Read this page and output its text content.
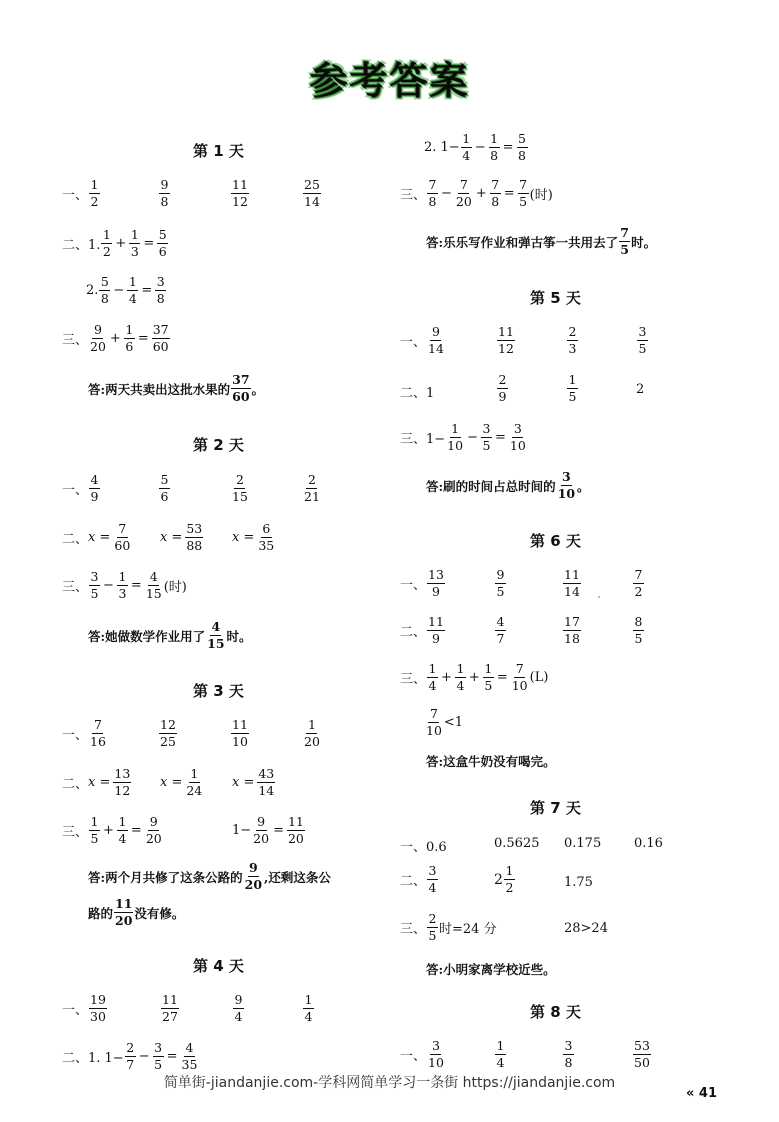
参考答案
第 1 天
一、 $\frac{1}{2}$	$\frac{9}{8}$	$\frac{11}{12}$	$\frac{25}{14}$
二、1. $\frac{1}{2} + \frac{1}{3} = \frac{5}{6}$
2. $\frac{5}{8} - \frac{1}{4} = \frac{3}{8}$
三、 $\frac{9}{20} + \frac{1}{6} = \frac{37}{60}$
答:两天共卖出这批水果的 $\frac{37}{60}$ 。
第 2 天
一、 $\frac{4}{9}$	$\frac{5}{6}$	$\frac{2}{15}$	$\frac{2}{21}$
二、 $x = \frac{7}{60}$ $x = \frac{53}{88}$ $x = \frac{6}{35}$
三、 $\frac{3}{5} - \frac{1}{3} = \frac{4}{15}$ (时)
答:她做数学作业用了 $\frac{4}{15}$ 时。
第 3 天
一、 $\frac{7}{16}$	$\frac{12}{25}$	$\frac{11}{10}$	$\frac{1}{20}$
二、 $x = \frac{13}{12}$ $x = \frac{1}{24}$ $x = \frac{43}{14}$
三、 $\frac{1}{5} + \frac{1}{4} = \frac{9}{20}$	$1- \frac{9}{20} = \frac{11}{20}$
答:两个月共修了这条公路的 $\frac{9}{20}$ ,还剩这条公
路的 $\frac{11}{20}$ 没有修。
第 4 天
一、 $\frac{19}{30}$	$\frac{11}{27}$	$\frac{9}{4}$	$\frac{1}{4}$
二、1. $1- \frac{2}{7} - \frac{3}{5} = \frac{4}{35}$
2. $1- \frac{1}{4} - \frac{1}{8} = \frac{5}{8}$
三、 $\frac{7}{8} - \frac{7}{20} + \frac{7}{8} = \frac{7}{5}$ (时)
答:乐乐写作业和弹古筝一共用去了 $\frac{7}{5}$ 时。
第 5 天
一、 $\frac{9}{14}$	$\frac{11}{12}$	$\frac{2}{3}$	$\frac{3}{5}$
二、1	$\frac{2}{9}$	$\frac{1}{5}$	2
三、$1- \frac{1}{10} - \frac{3}{5} = \frac{3}{10}$
答:刷的时间占总时间的 $\frac{3}{10}$ 。
第 6 天
一、 $\frac{13}{9}$	$\frac{9}{5}$	$\frac{11}{14}$	$\frac{7}{2}$
二、 $\frac{11}{9}$	$\frac{4}{7}$	$\frac{17}{18}$	$\frac{8}{5}$
三、 $\frac{1}{4} + \frac{1}{4} + \frac{1}{5} = \frac{7}{10} (L)$
$\frac{7}{10} <1$
答:这盒牛奶没有喝完。
第 7 天
一、0.6	0.5625 0.175	0.16
二、 $\frac{3}{4}$	$2 \frac{1}{2}$	1.75
三、 $\frac{2}{5}$ 时=24 分	28>24
答:小明家离学校近些。
第 8 天
一、 $\frac{3}{10}$	$\frac{1}{4}$	$\frac{3}{8}$	$\frac{53}{50}$
简单街-jiandanjie.com-学科网简单学习一条街 https://jiandanjie.com
« 41
